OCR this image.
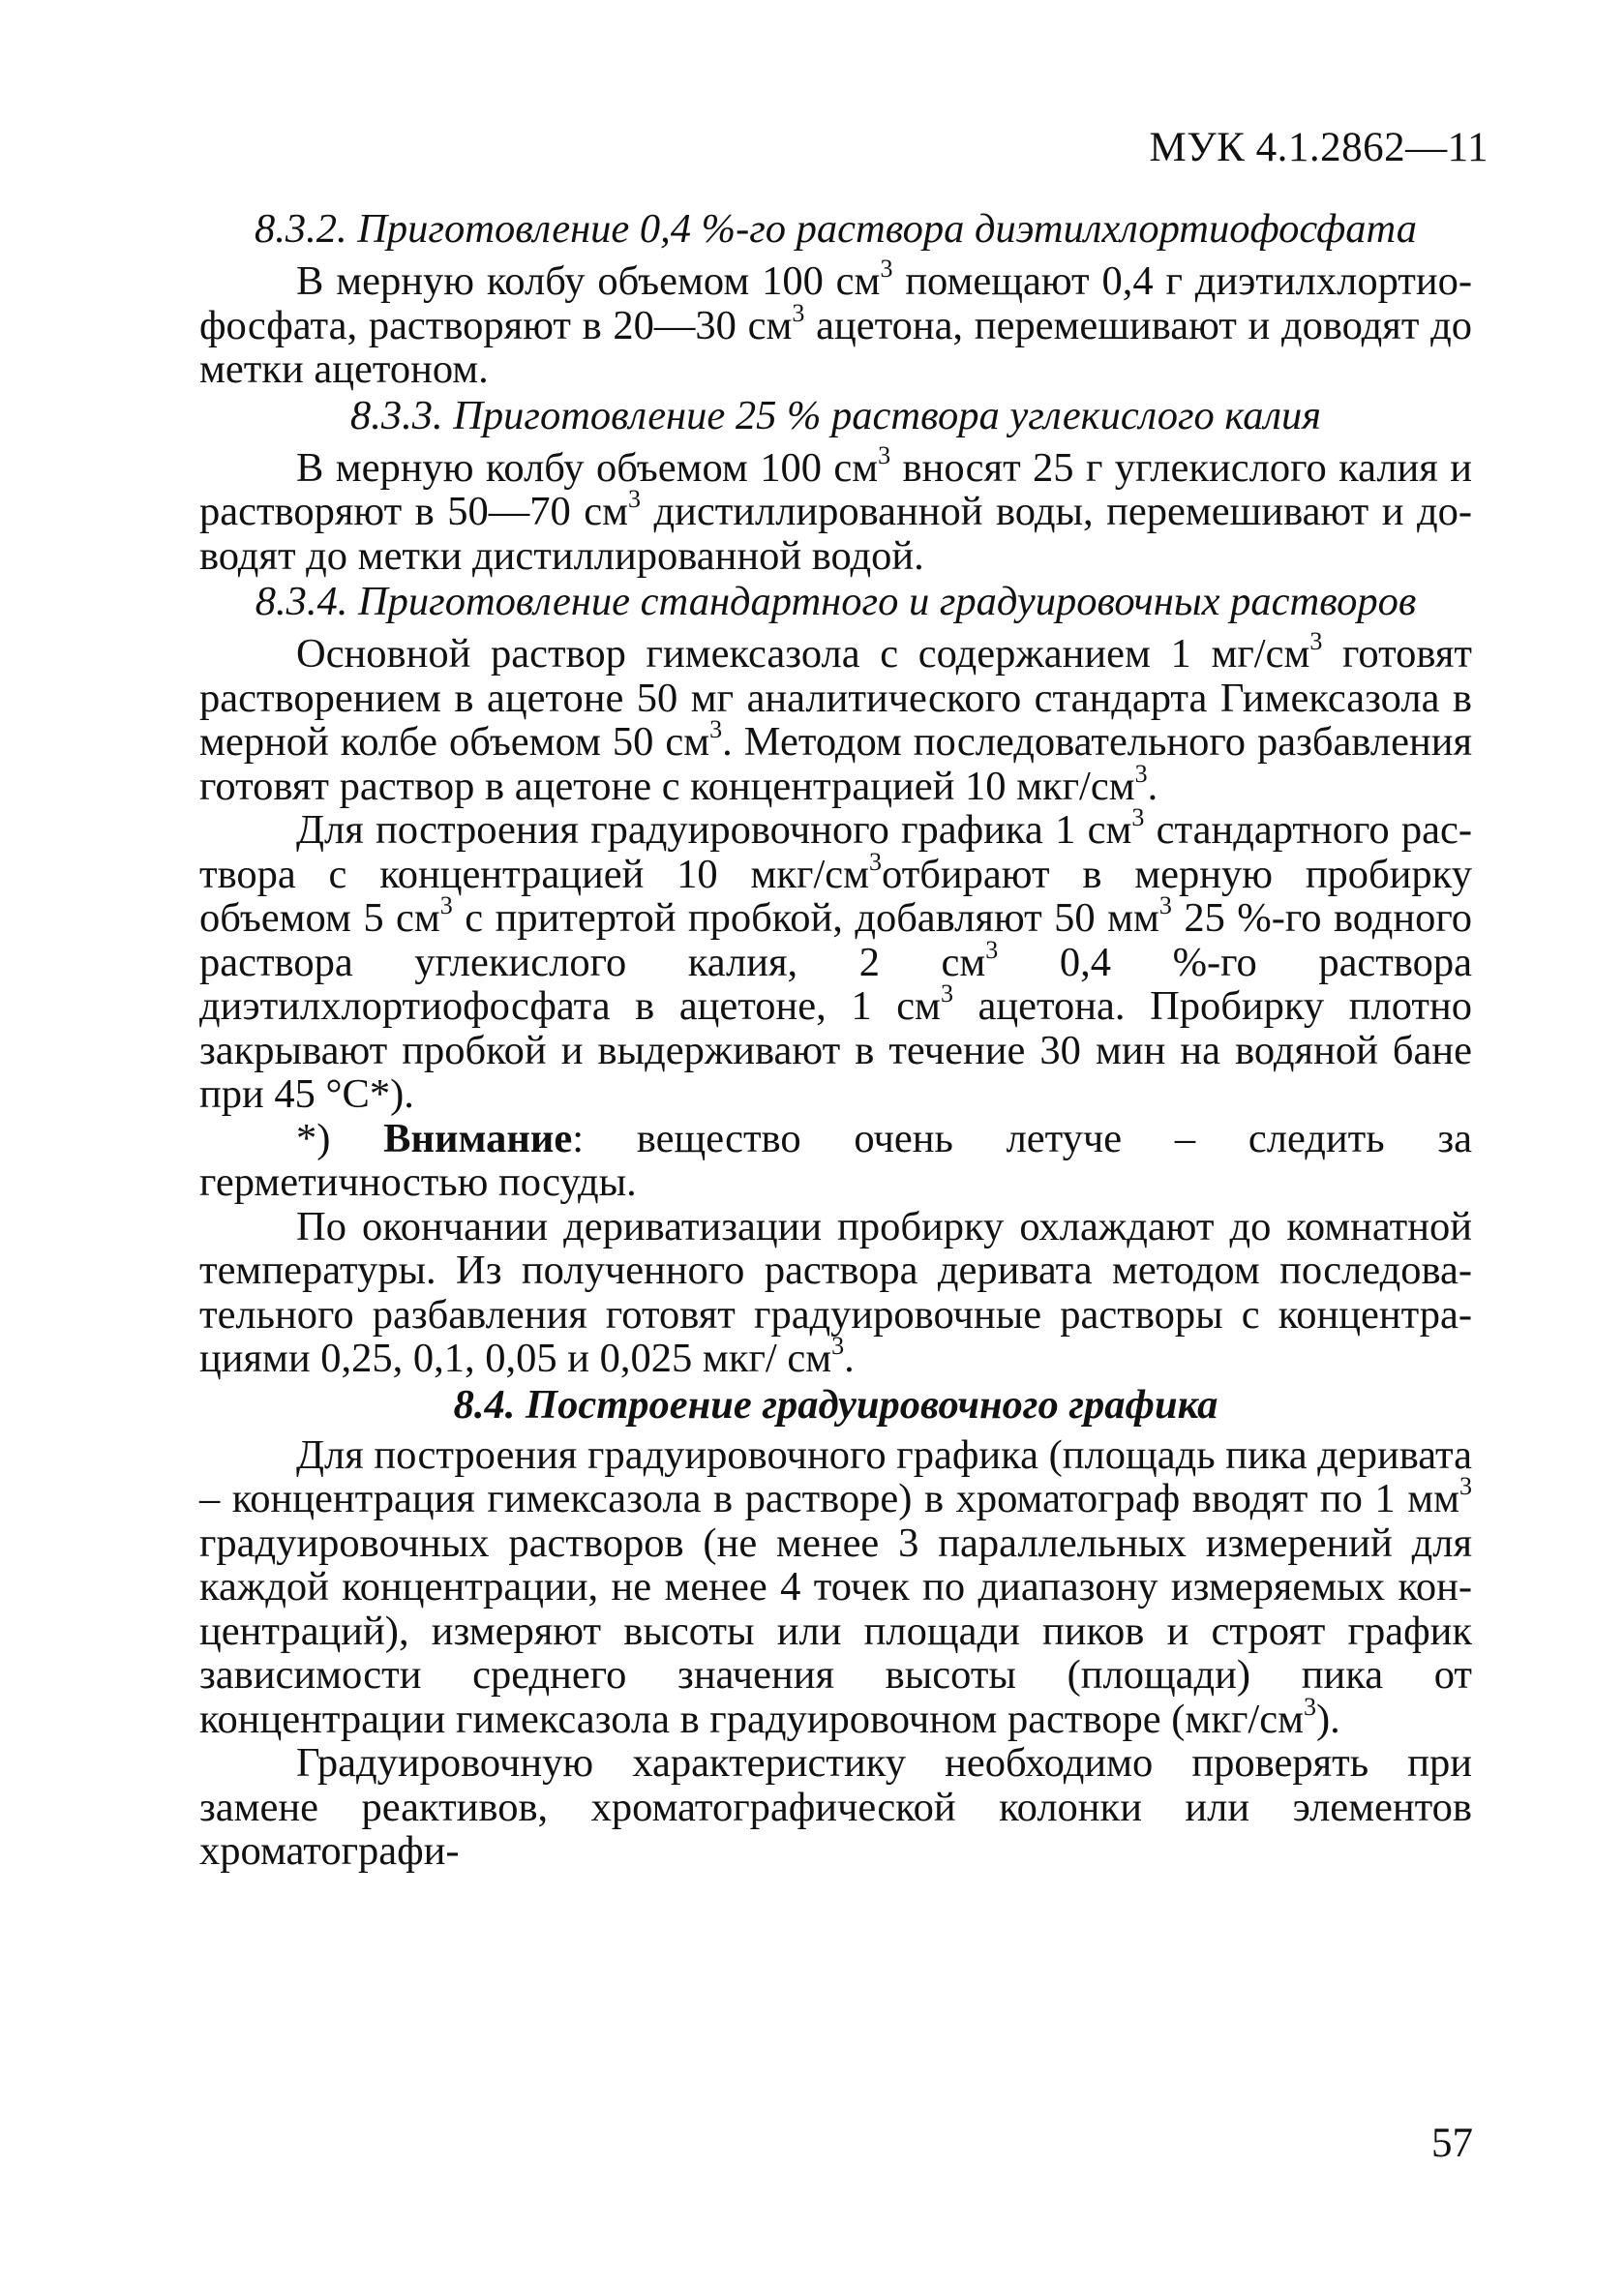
МУК 4.1.2862—11
8.3.2. Приготовление 0,4 %-го раствора диэтилхлортиофосфата

В мерную колбу объемом 100 $см^3$ помещают 0,4 г диэтилхлортиофосфата, растворяют в 20—30 $см^3$ ацетона, перемешивают и доводят до метки ацетоном.

8.3.3. Приготовление 25 % раствора углекислого калия

В мерную колбу объемом 100 $см^3$ вносят 25 г углекислого калия и растворяют в 50—70 $см^3$ дистиллированной воды, перемешивают и доводят до метки дистиллированной водой.

8.3.4. Приготовление стандартного и градуировочных растворов

Основной раствор гимексазола с содержанием 1 $мг/см^3$ готовят растворением в ацетоне 50 мг аналитического стандарта Гимексазола в мерной колбе объемом 50 $см^3$. Методом последовательного разбавления готовят раствор в ацетоне с концентрацией 10 мкг/$см^3$.

Для построения градуировочного графика 1 $см^3$ стандартного раствора с концентрацией 10 мкг/$см^3отбирают$ в мерную пробирку объемом 5 $см^3$ с притертой пробкой, добавляют 50 $мм^3$ 25 %-го водного раствора углекислого калия, 2 $см^3$ 0,4 %-го раствора диэтилхлортиофосфата в ацетоне, 1 $см^3$ ацетона. Пробирку плотно закрывают пробкой и выдерживают в течение 30 мин на водяной бане при 45 °С*).

*) Внимание: вещество очень летуче – следить за герметичностью посуды.

По окончании дериватизации пробирку охлаждают до комнатной температуры. Из полученного раствора деривата методом последовательного разбавления готовят градуировочные растворы с концентрациями 0,25, 0,1, 0,05 и 0,025 мкг/ $см^3$.

8.4. Построение градуировочного графика

Для построения градуировочного графика (площадь пика деривата – концентрация гимексазола в растворе) в хроматограф вводят по 1 $мм^3$ градуировочных растворов (не менее 3 параллельных измерений для каждой концентрации, не менее 4 точек по диапазону измеряемых концентраций), измеряют высоты или площади пиков и строят график зависимости среднего значения высоты (площади) пика от концентрации гимексазола в градуировочном растворе $(мкг/см^3)$.

Градуировочную характеристику необходимо проверять при замене реактивов, хроматографической колонки или элементов хроматографи-

57
